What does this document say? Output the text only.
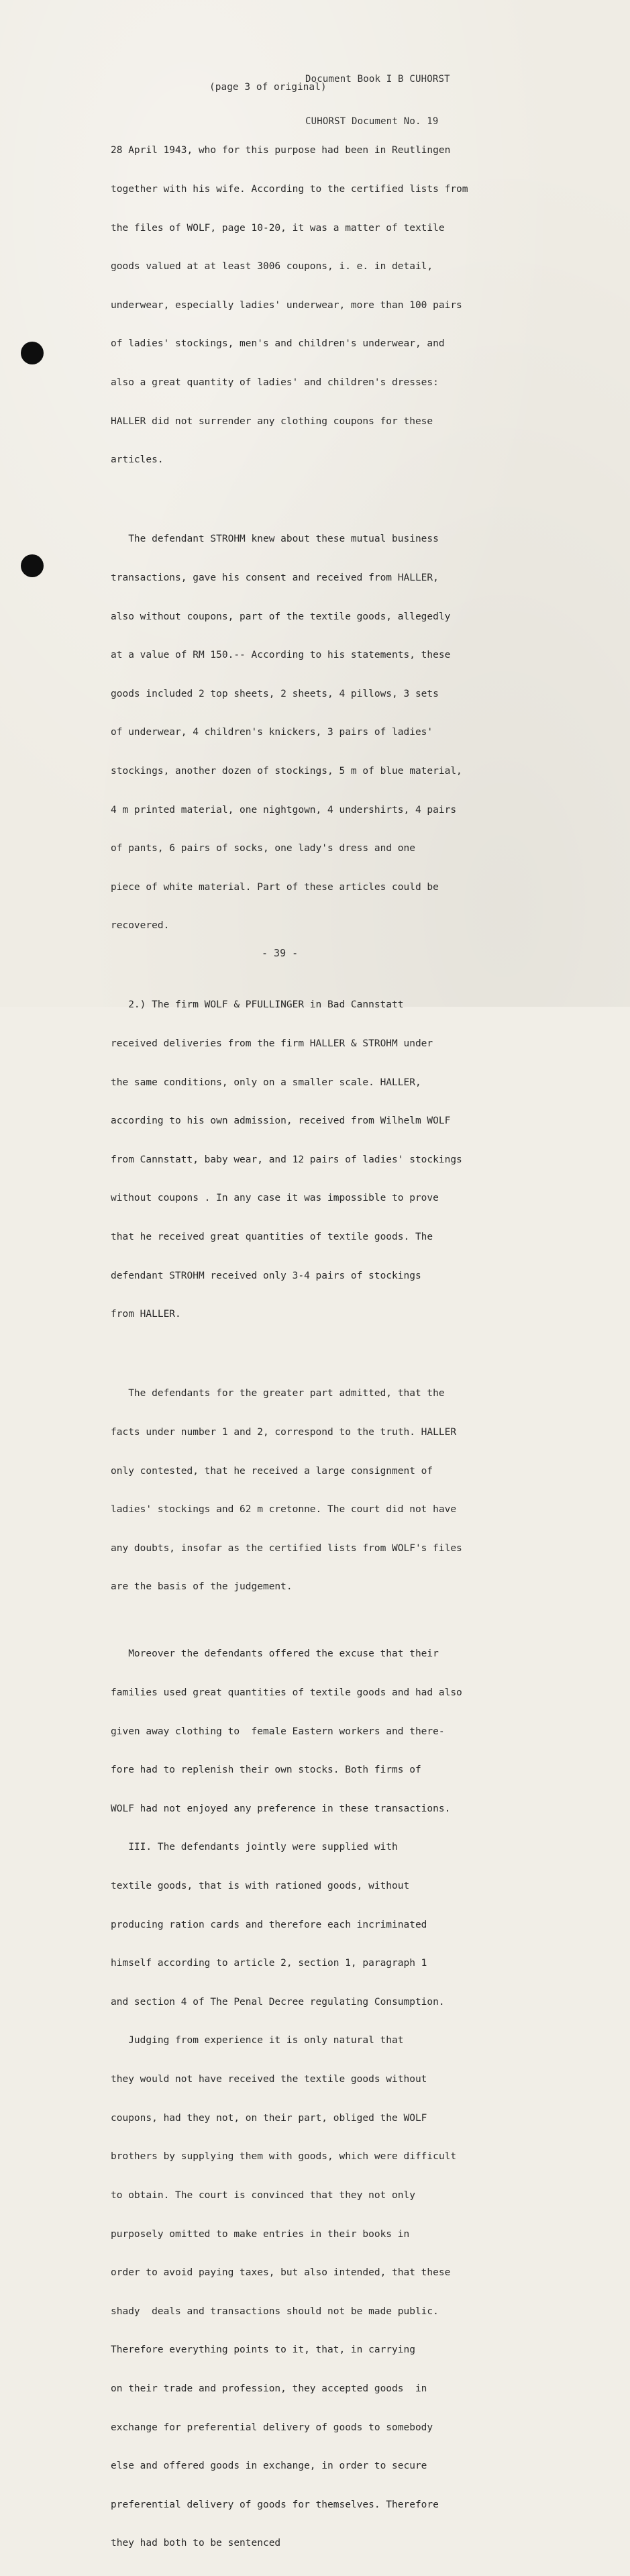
Document Book I B CUHORST

CUHORST Document No. 19

(page 3 of original)

28 April 1943, who for this purpose had been in Reutlingen

together with his wife. According to the certified lists from

the files of WOLF, page 10-20, it was a matter of textile

goods valued at at least 3006 coupons, i. e. in detail,

underwear, especially ladies' underwear, more than 100 pairs

of ladies' stockings, men's and children's underwear, and

also a great quantity of ladies' and children's dresses:

HALLER did not surrender any clothing coupons for these

articles.

The defendant STROHM knew about these mutual business

transactions, gave his consent and received from HALLER,

also without coupons, part of the textile goods, allegedly

at a value of RM 150.-- According to his statements, these

goods included 2 top sheets, 2 sheets, 4 pillows, 3 sets

of underwear, 4 children's knickers, 3 pairs of ladies'

stockings, another dozen of stockings, 5 m of blue material,

4 m printed material, one nightgown, 4 undershirts, 4 pairs

of pants, 6 pairs of socks, one lady's dress and one

piece of white material. Part of these articles could be

recovered.

2.) The firm WOLF & PFULLINGER in Bad Cannstatt

received deliveries from the firm HALLER & STROHM under

the same conditions, only on a smaller scale. HALLER,

according to his own admission, received from Wilhelm WOLF

from Cannstatt, baby wear, and 12 pairs of ladies' stockings

without coupons . In any case it was impossible to prove

that he received great quantities of textile goods. The

defendant STROHM received only 3-4 pairs of stockings

from HALLER.

The defendants for the greater part admitted, that the

facts under number 1 and 2, correspond to the truth. HALLER

only contested, that he received a large consignment of

ladies' stockings and 62 m cretonne. The court did not have

any doubts, insofar as the certified lists from WOLF's files

are the basis of the judgement.

Moreover the defendants offered the excuse that their

families used great quantities of textile goods and had also

given away clothing to  female Eastern workers and there-

fore had to replenish their own stocks. Both firms of

WOLF had not enjoyed any preference in these transactions.

III. The defendants jointly were supplied with

textile goods, that is with rationed goods, without

producing ration cards and therefore each incriminated

himself according to article 2, section 1, paragraph 1

and section 4 of The Penal Decree regulating Consumption.

Judging from experience it is only natural that

they would not have received the textile goods without

coupons, had they not, on their part, obliged the WOLF

brothers by supplying them with goods, which were difficult

to obtain. The court is convinced that they not only

purposely omitted to make entries in their books in

order to avoid paying taxes, but also intended, that these

shady  deals and transactions should not be made public.

Therefore everything points to it, that, in carrying

on their trade and profession, they accepted goods  in

exchange for preferential delivery of goods to somebody

else and offered goods in exchange, in order to secure

preferential delivery of goods for themselves. Therefore

they had both to be sentenced

- 39 -
